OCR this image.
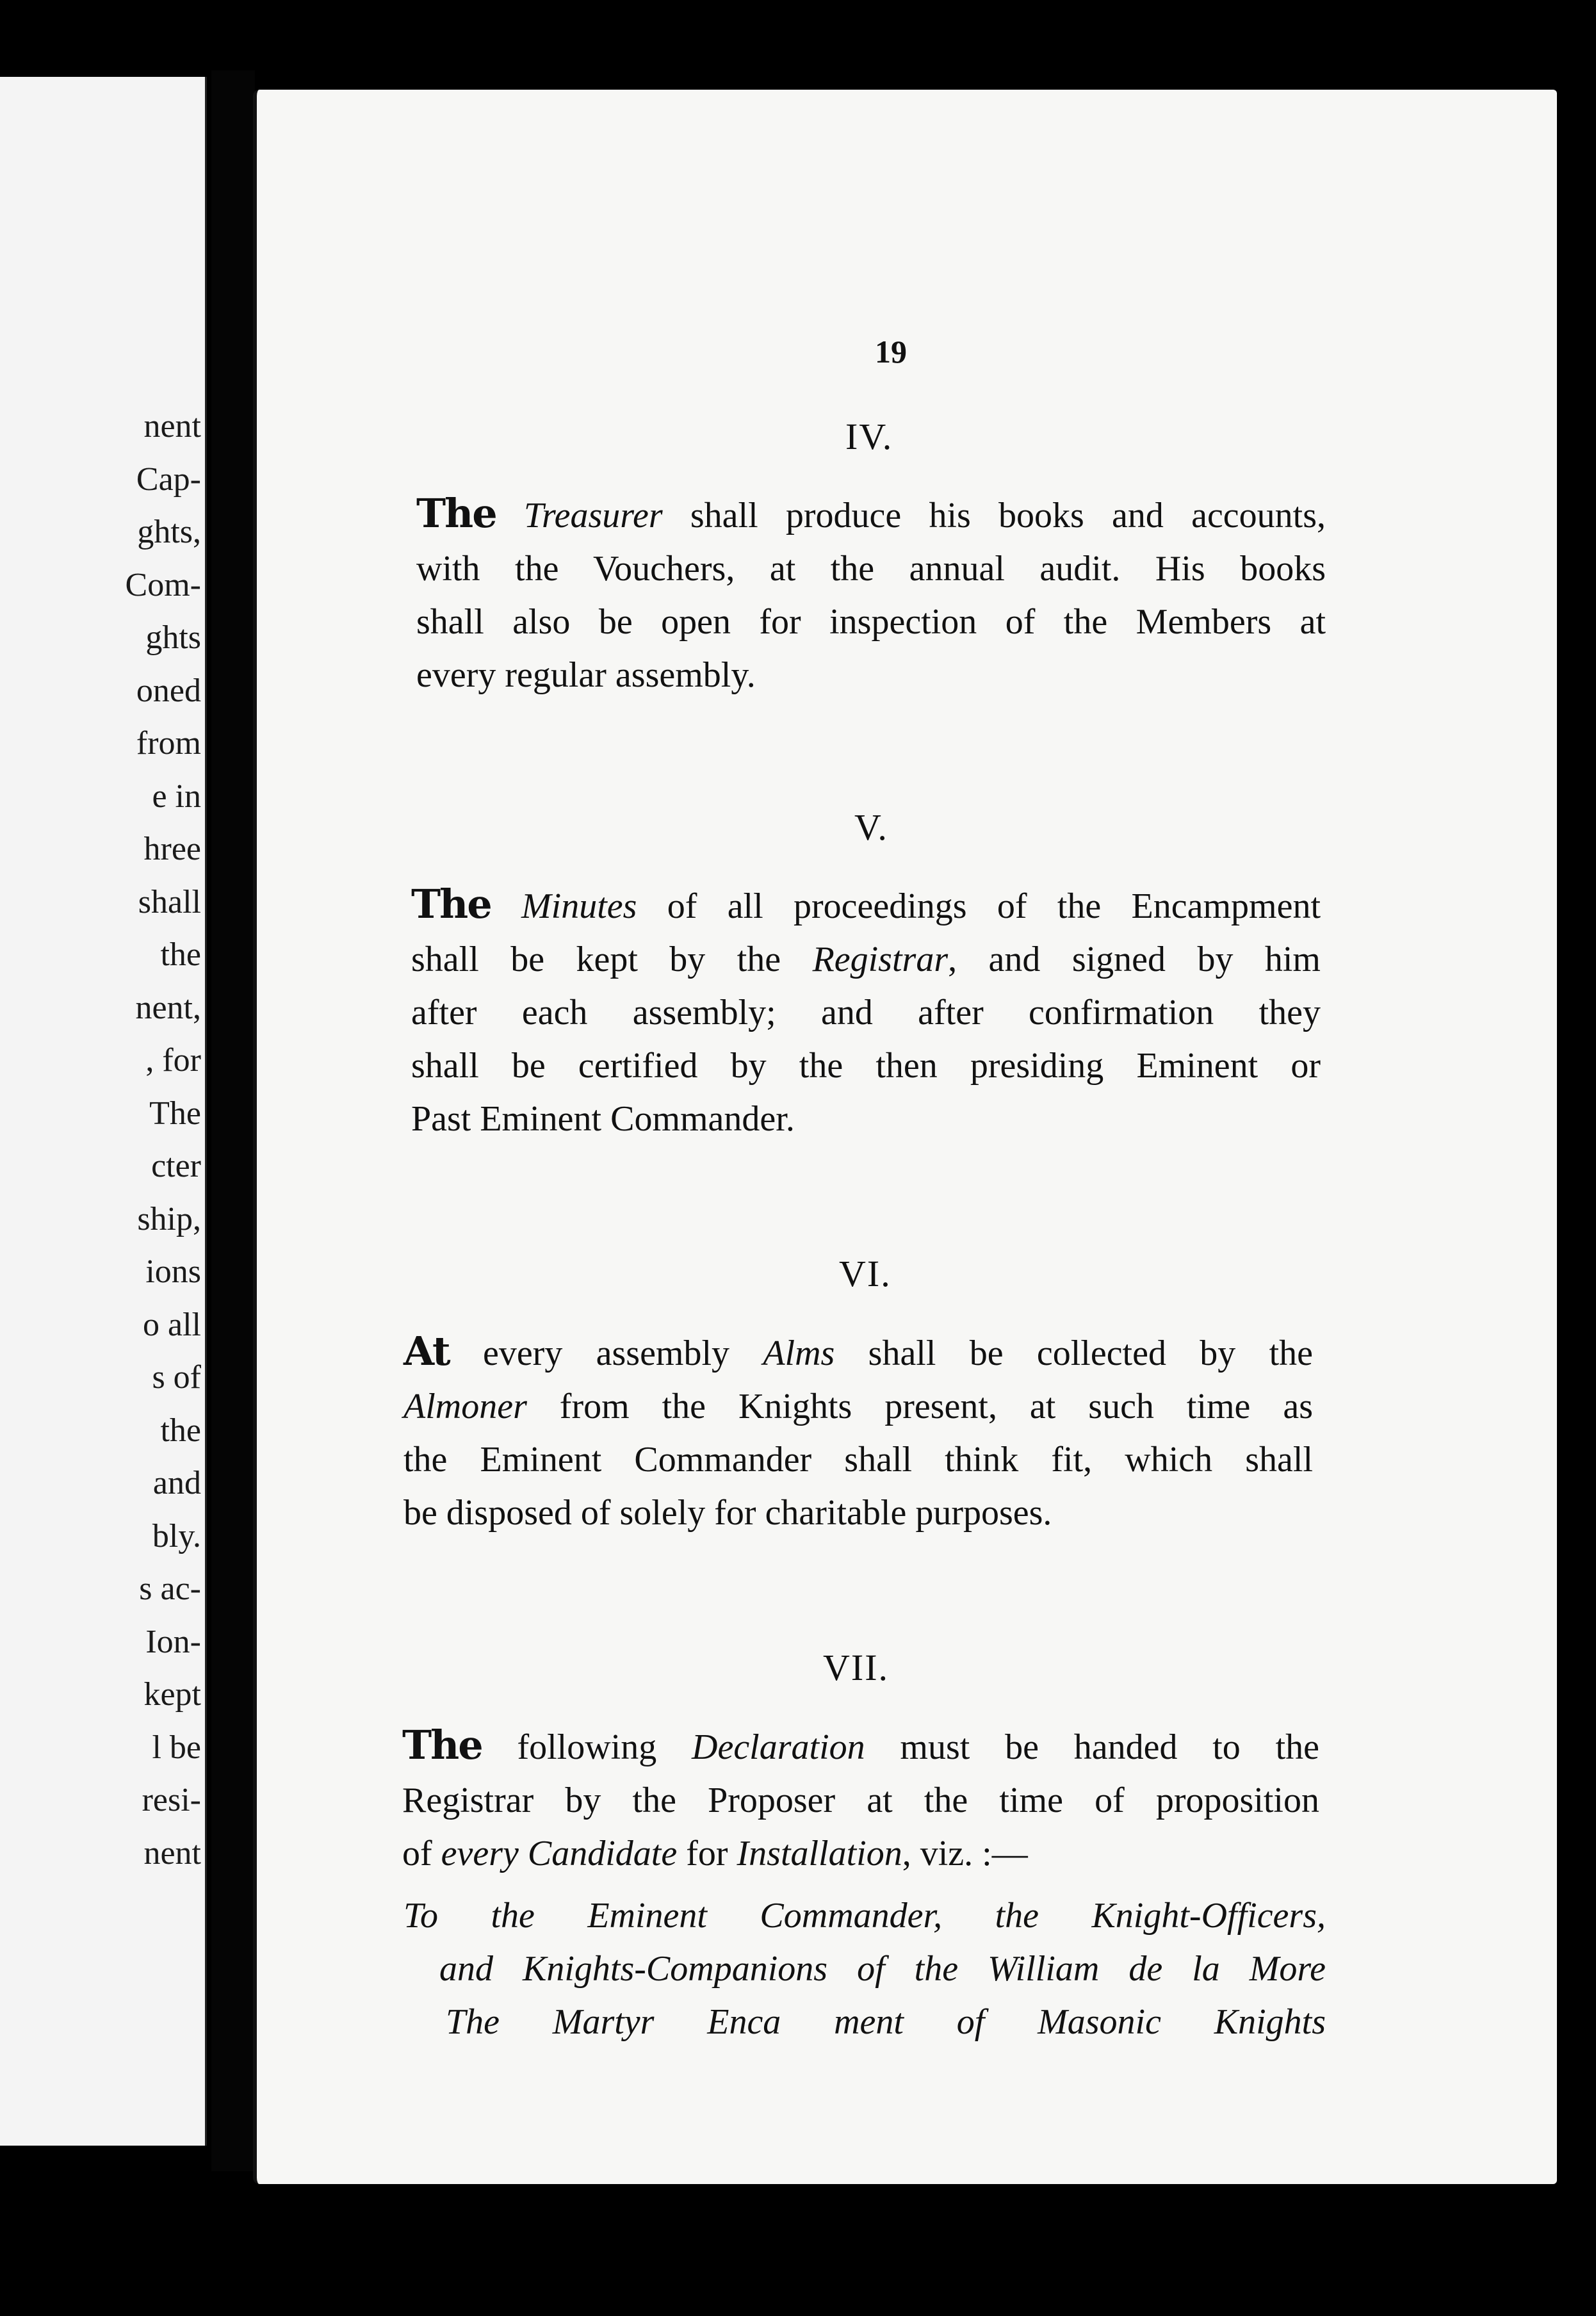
nent
Cap-
ghts,
Com-
ghts
oned
from
e in
hree
shall
the
nent,
, for
The
cter
ship,
ions
o all
s of
the
and
bly.
s ac-
Ion-
kept
l be
resi-
nent
19
IV.
The Treasurer shall produce his books and accounts,
with the Vouchers, at the annual audit. His books
shall also be open for inspection of the Members at
every regular assembly.
V.
The Minutes of all proceedings of the Encampment
shall be kept by the Registrar, and signed by him
after each assembly; and after confirmation they
shall be certified by the then presiding Eminent or
Past Eminent Commander.
VI.
At every assembly Alms shall be collected by the
Almoner from the Knights present, at such time as
the Eminent Commander shall think fit, which shall
be disposed of solely for charitable purposes.
VII.
The following Declaration must be handed to the
Registrar by the Proposer at the time of proposition
of every Candidate for Installation, viz. :—
To the Eminent Commander, the Knight-Officers,
and Knights-Companions of the William de la More
The Martyr Enca ment of Masonic Knights
